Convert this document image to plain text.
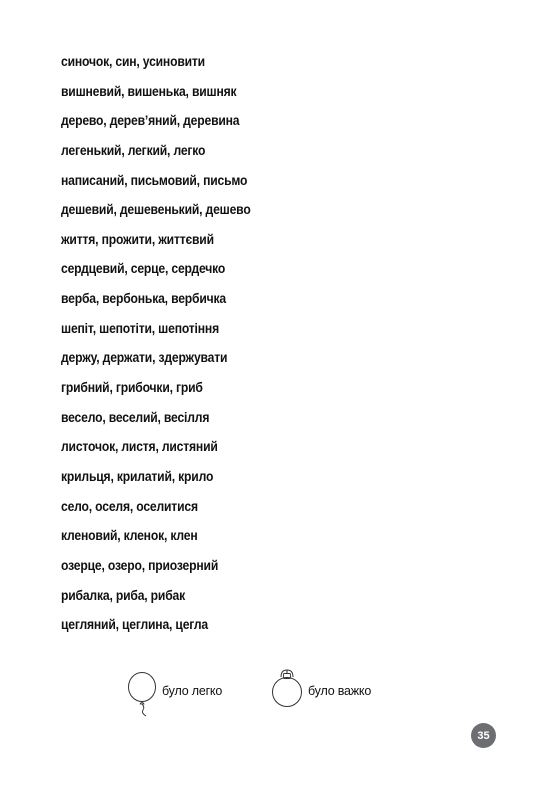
синочок, син, усиновити
вишневий, вишенька, вишняк
дерево, дерев’яний, деревина
легенький, легкий, легко
написаний, письмовий, письмо
дешевий, дешевенький, дешево
життя, прожити, життєвий
сердцевий, серце, сердечко
верба, вербонька, вербичка
шепіт, шепотіти, шепотіння
держу, держати, здержувати
грибний, грибочки, гриб
весело, веселий, весілля
листочок, листя, листяний
крильця, крилатий, крило
село, оселя, оселитися
кленовий, кленок, клен
озерце, озеро, приозерний
рибалка, риба, рибак
цегляний, цеглина, цегла
було легко	було важко
35
